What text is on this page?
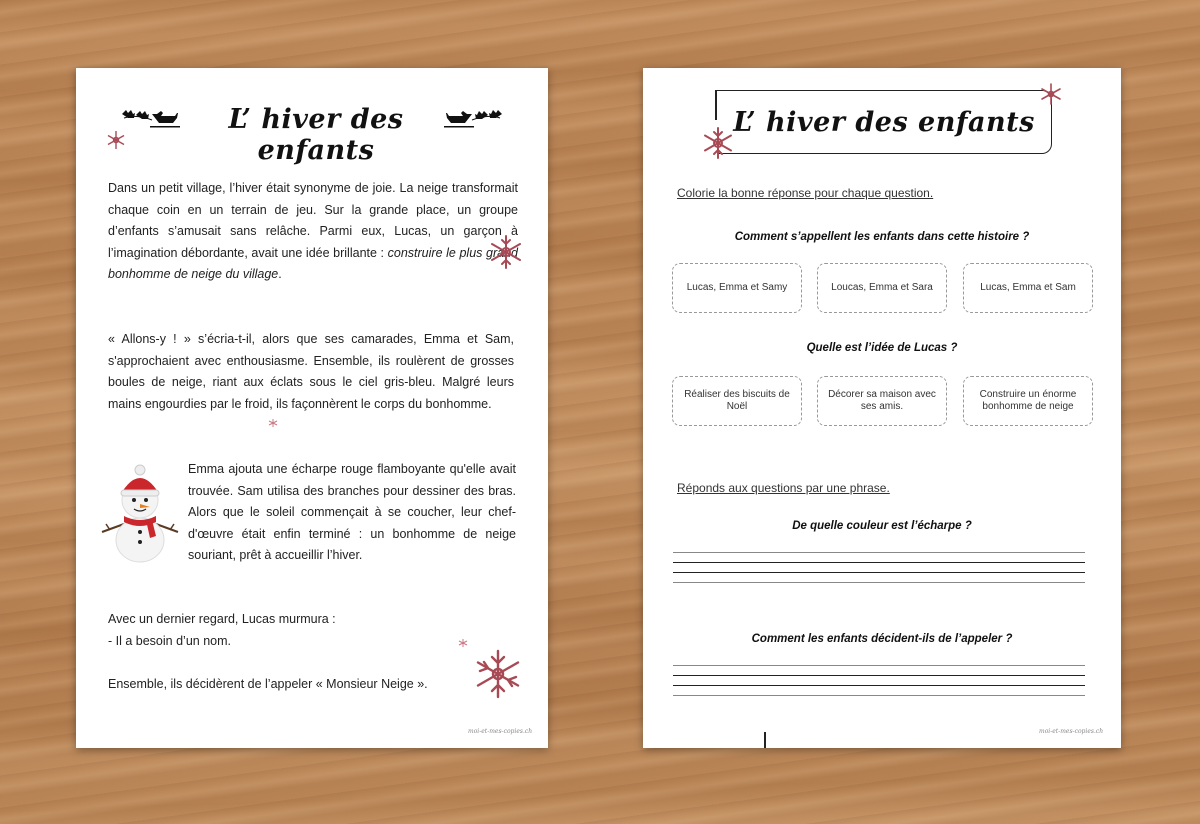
L’ hiver des enfants

Dans un petit village, l’hiver était synonyme de joie. La neige transformait chaque coin en un terrain de jeu. Sur la grande place, un groupe d’enfants s’amusait sans relâche. Parmi eux, Lucas, un garçon à l’imagination débordante, avait une idée brillante : construire le plus grand bonhomme de neige du village.

« Allons-y ! » s’écria-t-il, alors que ses camarades, Emma et Sam, s'approchaient avec enthousiasme. Ensemble, ils roulèrent de grosses boules de neige, riant aux éclats sous le ciel gris-bleu. Malgré leurs mains engourdies par le froid, ils façonnèrent le corps du bonhomme.

Emma ajouta une écharpe rouge flamboyante qu'elle avait trouvée. Sam utilisa des branches pour dessiner des bras. Alors que le soleil commençait à se coucher, leur chef-d'œuvre était enfin terminé : un bonhomme de neige souriant, prêt à accueillir l’hiver.

Avec un dernier regard, Lucas murmura :
- Il a besoin d’un nom.

Ensemble, ils décidèrent de l’appeler « Monsieur Neige ».

moi-et-mes-copies.ch
L’ hiver des enfants
Colorie la bonne réponse pour chaque question.
Comment s’appellent les enfants dans cette histoire ?
Lucas, Emma et Samy	Loucas, Emma et Sara	Lucas, Emma et Sam
Quelle est l’idée de Lucas ?
Réaliser des biscuits de Noël
Décorer sa maison avec ses amis.
Construire un énorme bonhomme de neige
Réponds aux questions par une phrase.
De quelle couleur est l’écharpe ?
Comment les enfants décident-ils de l’appeler ?
moi-et-mes-copies.ch
